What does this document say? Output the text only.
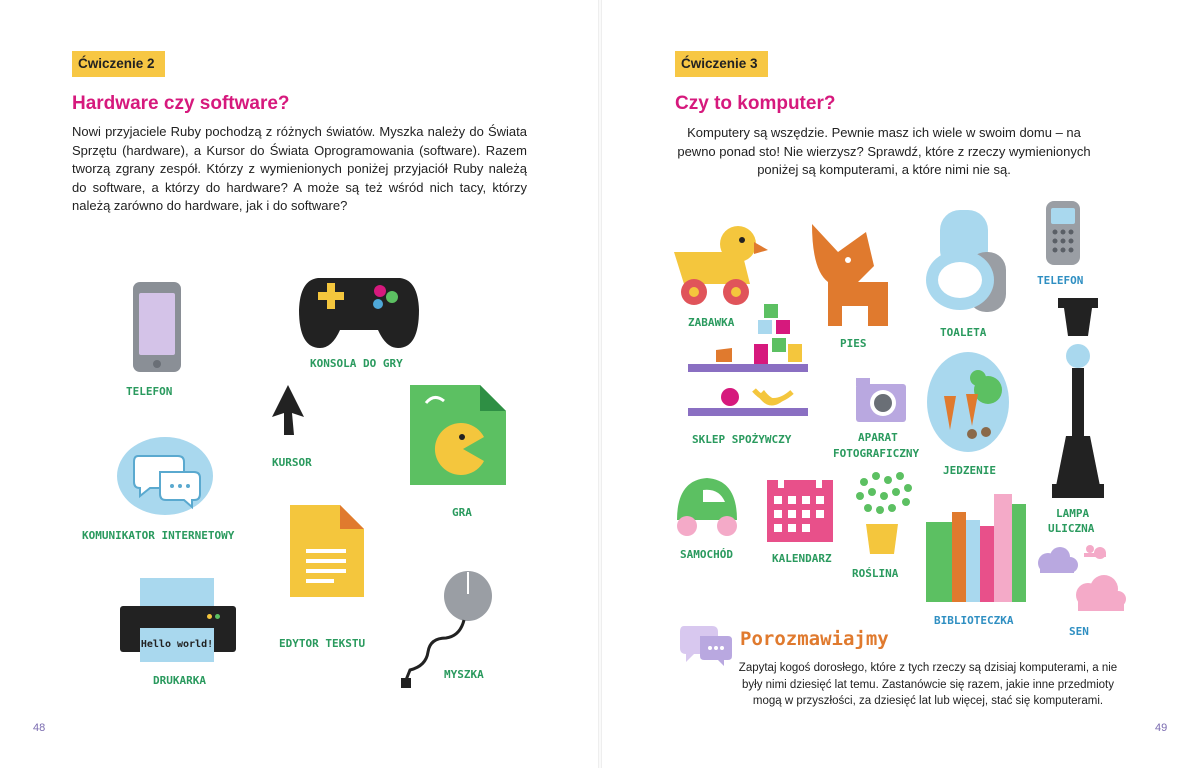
Ćwiczenie 2
Hardware czy software?
Nowi przyjaciele Ruby pochodzą z różnych światów. Myszka należy do Świata Sprzętu (hardware), a Kursor do Świata Oprogramowania (software). Razem tworzą zgrany zespół. Którzy z wymienionych poniżej przyjaciół Ruby należą do software, a którzy do hardware? A może są też wśród nich tacy, którzy należą zarówno do hardware, jak i do software?
TELEFON
KONSOLA DO GRY
KURSOR
GRA
KOMUNIKATOR INTERNETOWY
EDYTOR TEKSTU
Hello world!
DRUKARKA	MYSZKA
48
Ćwiczenie 3
Czy to komputer?
Komputery są wszędzie. Pewnie masz ich wiele w swoim domu – na pewno ponad sto! Nie wierzysz? Sprawdź, które z rzeczy wymienionych poniżej są komputerami, a które nimi nie są.
ZABAWKA
PIES
TOALETA
TELEFON
SKLEP SPOŻYWCZY	APARAT
FOTOGRAFICZNY
JEDZENIE
LAMPA
ULICZNA
SAMOCHÓD	KALENDARZ
ROŚLINA
BIBLIOTECZKA
SEN
Porozmawiajmy
Zapytaj kogoś dorosłego, które z tych rzeczy są dzisiaj komputerami, a nie były nimi dziesięć lat temu. Zastanówcie się razem, jakie inne przedmioty mogą w przyszłości, za dziesięć lat lub więcej, stać się komputerami.
49
